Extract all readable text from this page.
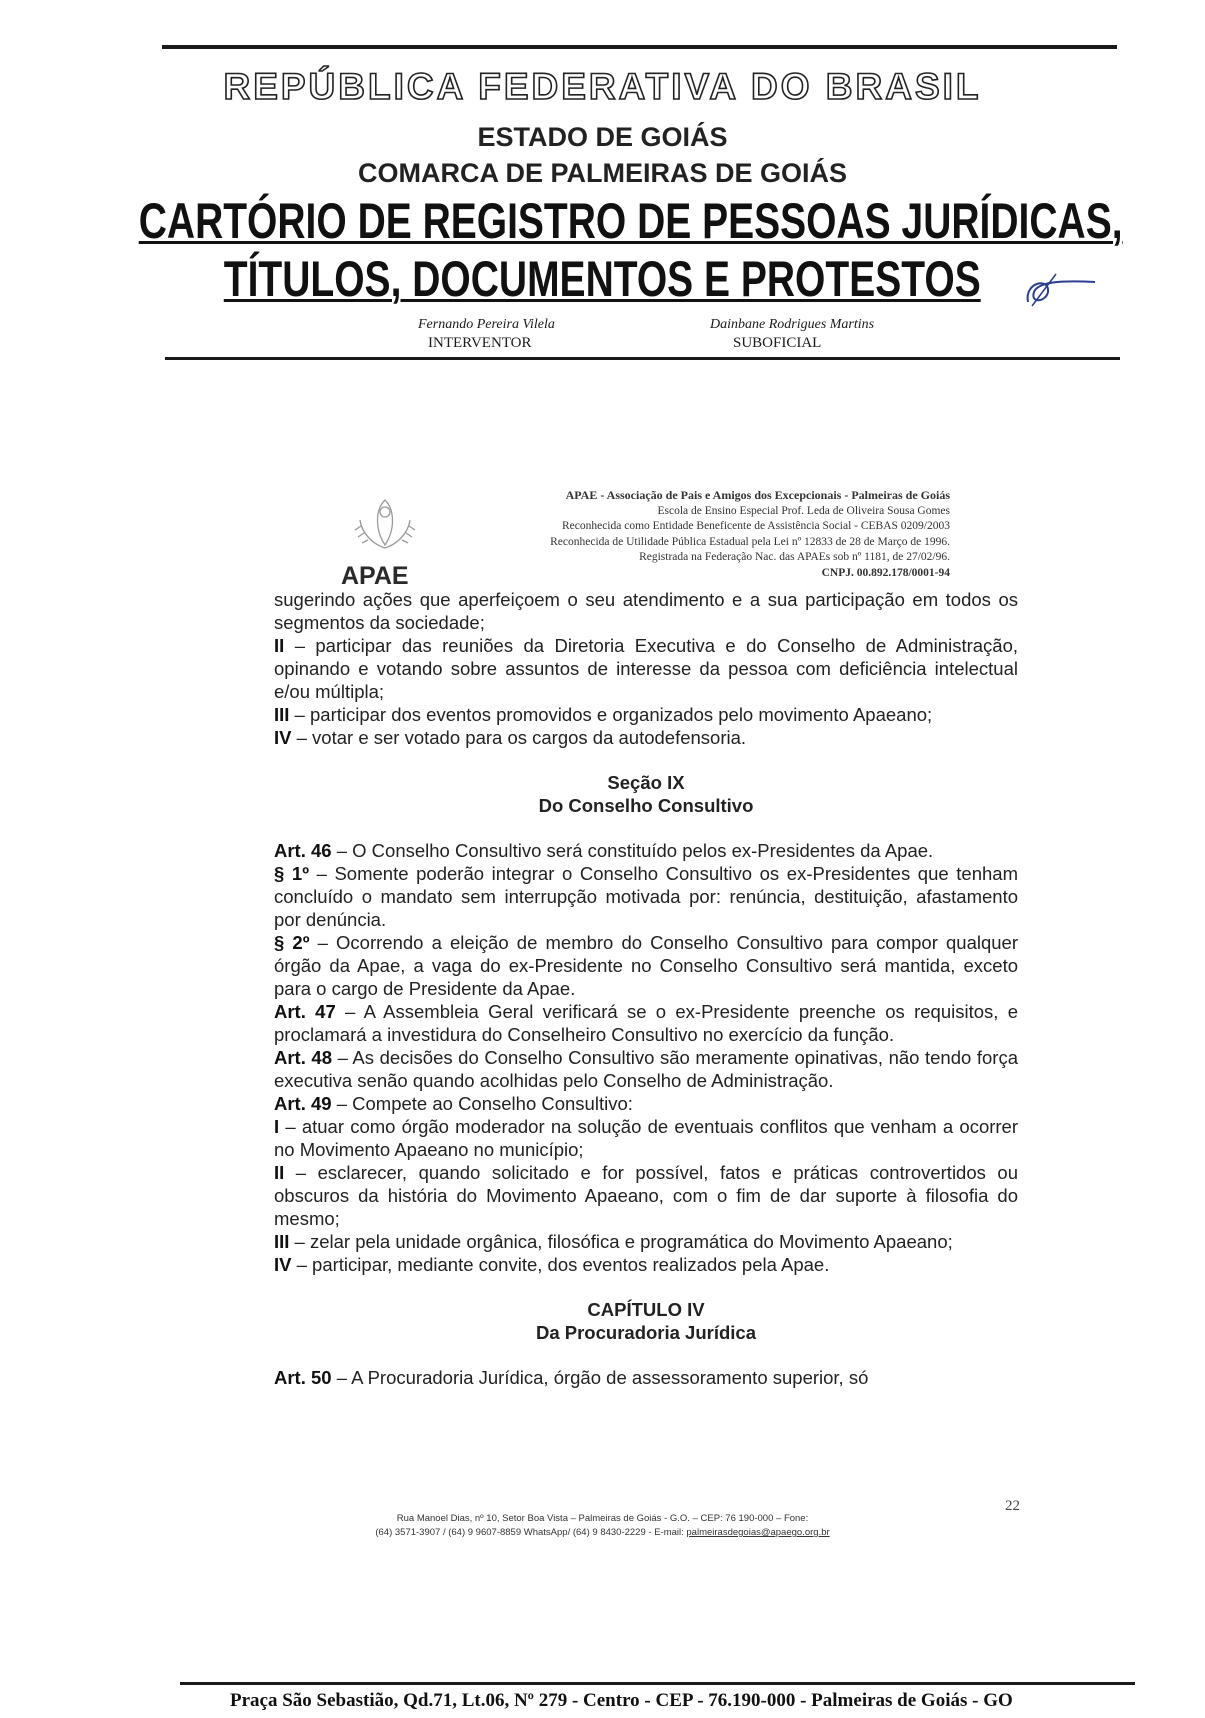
REPÚBLICA FEDERATIVA DO BRASIL
ESTADO DE GOIÁS
COMARCA DE PALMEIRAS DE GOIÁS
CARTÓRIO DE REGISTRO DE PESSOAS JURÍDICAS,
TÍTULOS, DOCUMENTOS E PROTESTOS
Fernando Pereira Vilela
INTERVENTOR
Dainbane Rodrigues Martins
SUBOFICIAL
APAE
APAE - Associação de Pais e Amigos dos Excepcionais - Palmeiras de Goiás
Escola de Ensino Especial Prof. Leda de Oliveira Sousa Gomes
Reconhecida como Entidade Beneficente de Assistência Social - CEBAS 0209/2003
Reconhecida de Utilidade Pública Estadual pela Lei nº 12833 de 28 de Março de 1996.
Registrada na Federação Nac. das APAEs sob nº 1181, de 27/02/96.
CNPJ. 00.892.178/0001-94

sugerindo ações que aperfeiçoem o seu atendimento e a sua participação em todos os segmentos da sociedade;

II – participar das reuniões da Diretoria Executiva e do Conselho de Administração, opinando e votando sobre assuntos de interesse da pessoa com deficiência intelectual e/ou múltipla;

III – participar dos eventos promovidos e organizados pelo movimento Apaeano;

IV – votar e ser votado para os cargos da autodefensoria.

Seção IX

Do Conselho Consultivo

Art. 46 – O Conselho Consultivo será constituído pelos ex-Presidentes da Apae.

§ 1º – Somente poderão integrar o Conselho Consultivo os ex-Presidentes que tenham concluído o mandato sem interrupção motivada por: renúncia, destituição, afastamento por denúncia.

§ 2º – Ocorrendo a eleição de membro do Conselho Consultivo para compor qualquer órgão da Apae, a vaga do ex-Presidente no Conselho Consultivo será mantida, exceto para o cargo de Presidente da Apae.

Art. 47 – A Assembleia Geral verificará se o ex-Presidente preenche os requisitos, e proclamará a investidura do Conselheiro Consultivo no exercício da função.

Art. 48 – As decisões do Conselho Consultivo são meramente opinativas, não tendo força executiva senão quando acolhidas pelo Conselho de Administração.

Art. 49 – Compete ao Conselho Consultivo:

I – atuar como órgão moderador na solução de eventuais conflitos que venham a ocorrer no Movimento Apaeano no município;

II – esclarecer, quando solicitado e for possível, fatos e práticas controvertidos ou obscuros da história do Movimento Apaeano, com o fim de dar suporte à filosofia do mesmo;

III – zelar pela unidade orgânica, filosófica e programática do Movimento Apaeano;

IV – participar, mediante convite, dos eventos realizados pela Apae.

CAPÍTULO IV

Da Procuradoria Jurídica

Art. 50 – A Procuradoria Jurídica, órgão de assessoramento superior, só

22
Rua Manoel Dias, nº 10, Setor Boa Vista – Palmeiras de Goiás - G.O. – CEP: 76 190-000 – Fone:
(64) 3571-3907 / (64) 9 9607-8859 WhatsApp/ (64) 9 8430-2229 - E-mail: palmeirasdegoias@apaego.org.br
Praça São Sebastião, Qd.71, Lt.06, Nº 279 - Centro - CEP - 76.190-000 - Palmeiras de Goiás - GO
